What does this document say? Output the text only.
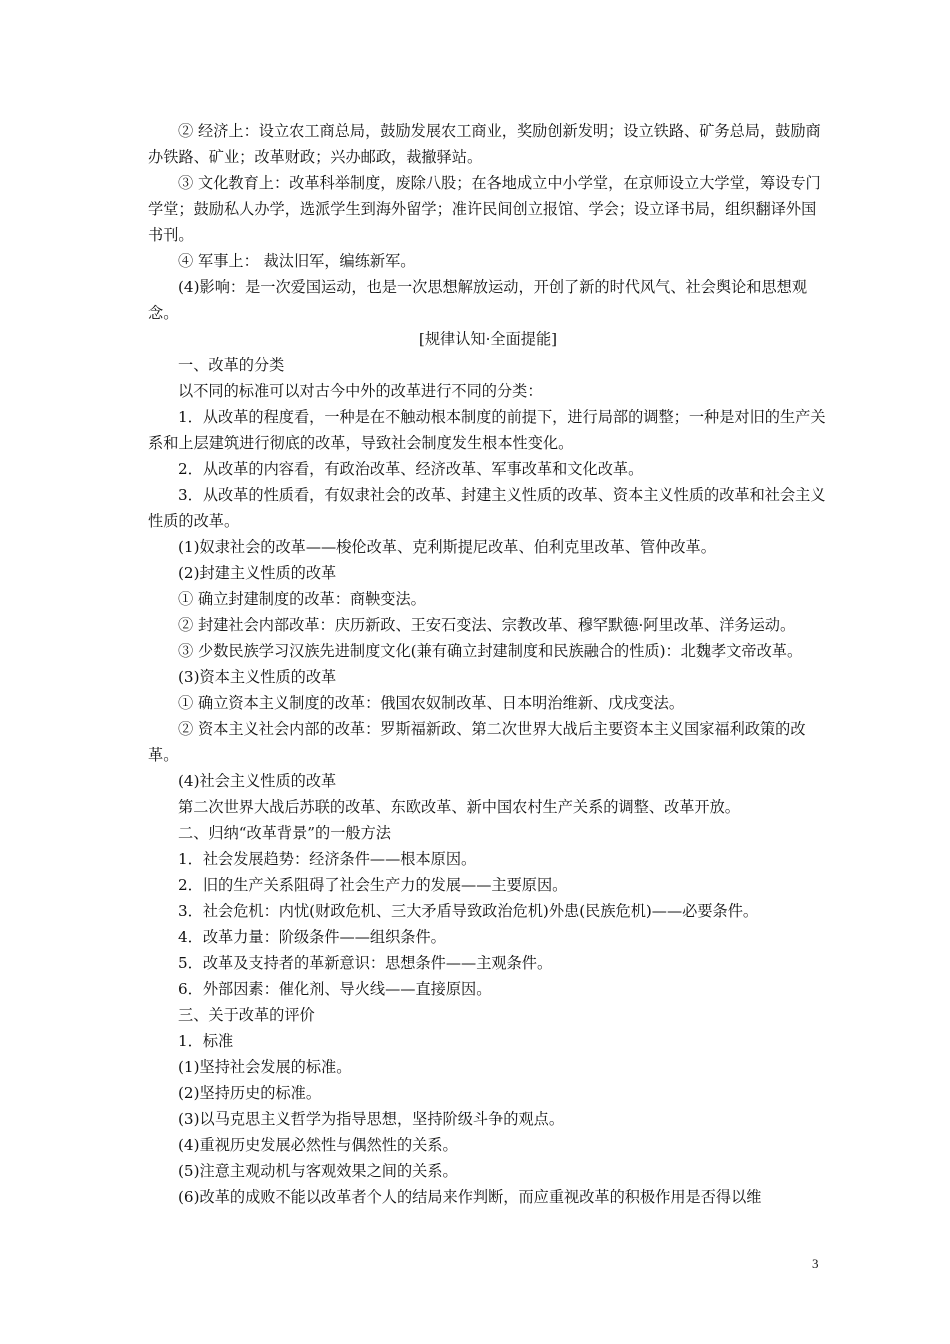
② 经济上：设立农工商总局，鼓励发展农工商业，奖励创新发明；设立铁路、矿务总局，鼓励商办铁路、矿业；改革财政；兴办邮政，裁撤驿站。

③ 文化教育上：改革科举制度，废除八股；在各地成立中小学堂，在京师设立大学堂，筹设专门学堂；鼓励私人办学，选派学生到海外留学；准许民间创立报馆、学会；设立译书局，组织翻译外国书刊。

④ 军事上： 裁汰旧军，编练新军。

(4)影响：是一次爱国运动，也是一次思想解放运动，开创了新的时代风气、社会舆论和思想观念。

[规律认知·全面提能]

一、改革的分类

以不同的标准可以对古今中外的改革进行不同的分类：

1．从改革的程度看，一种是在不触动根本制度的前提下，进行局部的调整；一种是对旧的生产关系和上层建筑进行彻底的改革，导致社会制度发生根本性变化。

2．从改革的内容看，有政治改革、经济改革、军事改革和文化改革。

3．从改革的性质看，有奴隶社会的改革、封建主义性质的改革、资本主义性质的改革和社会主义性质的改革。

(1)奴隶社会的改革——梭伦改革、克利斯提尼改革、伯利克里改革、管仲改革。

(2)封建主义性质的改革

① 确立封建制度的改革：商鞅变法。

② 封建社会内部改革：庆历新政、王安石变法、宗教改革、穆罕默德·阿里改革、洋务运动。

③ 少数民族学习汉族先进制度文化(兼有确立封建制度和民族融合的性质)：北魏孝文帝改革。

(3)资本主义性质的改革

① 确立资本主义制度的改革：俄国农奴制改革、日本明治维新、戊戌变法。

② 资本主义社会内部的改革：罗斯福新政、第二次世界大战后主要资本主义国家福利政策的改革。

(4)社会主义性质的改革

第二次世界大战后苏联的改革、东欧改革、新中国农村生产关系的调整、改革开放。

二、归纳“改革背景”的一般方法

1．社会发展趋势：经济条件——根本原因。

2．旧的生产关系阻碍了社会生产力的发展——主要原因。

3．社会危机：内忧(财政危机、三大矛盾导致政治危机)外患(民族危机)——必要条件。

4．改革力量：阶级条件——组织条件。

5．改革及支持者的革新意识：思想条件——主观条件。

6．外部因素：催化剂、导火线——直接原因。

三、关于改革的评价

1．标准

(1)坚持社会发展的标准。

(2)坚持历史的标准。

(3)以马克思主义哲学为指导思想，坚持阶级斗争的观点。

(4)重视历史发展必然性与偶然性的关系。

(5)注意主观动机与客观效果之间的关系。

(6)改革的成败不能以改革者个人的结局来作判断，而应重视改革的积极作用是否得以维

3
